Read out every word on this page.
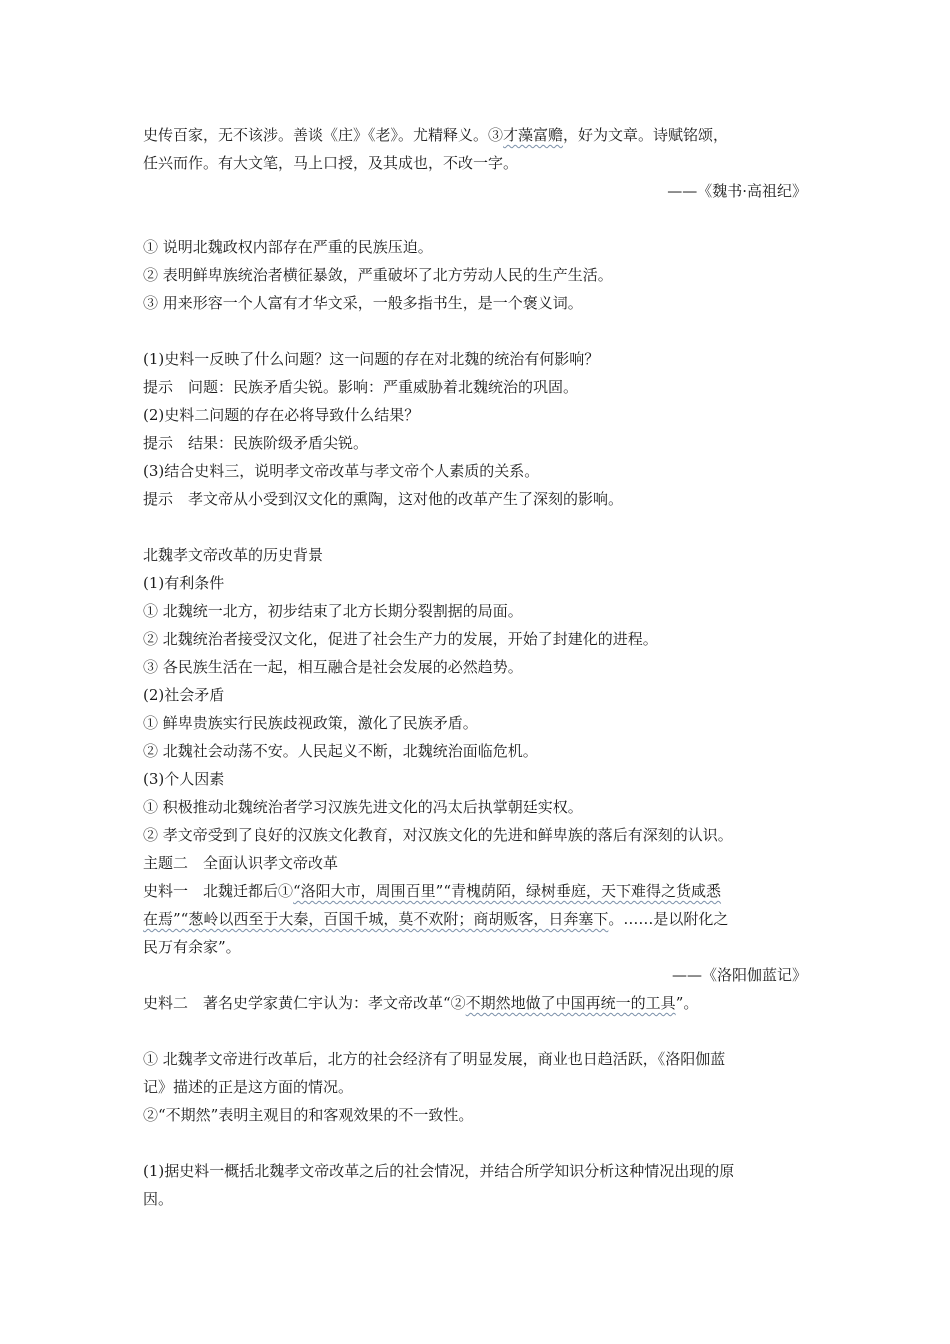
史传百家，无不该涉。善谈《庄》《老》。尤精释义。③才藻富赡，好为文章。诗赋铭颂，
任兴而作。有大文笔，马上口授，及其成也，不改一字。
——《魏书·高祖纪》
① 说明北魏政权内部存在严重的民族压迫。
② 表明鲜卑族统治者横征暴敛，严重破坏了北方劳动人民的生产生活。
③ 用来形容一个人富有才华文采，一般多指书生，是一个褒义词。
(1)史料一反映了什么问题？这一问题的存在对北魏的统治有何影响？
提示　问题：民族矛盾尖锐。影响：严重威胁着北魏统治的巩固。
(2)史料二问题的存在必将导致什么结果？
提示　结果：民族阶级矛盾尖锐。
(3)结合史料三，说明孝文帝改革与孝文帝个人素质的关系。
提示　孝文帝从小受到汉文化的熏陶，这对他的改革产生了深刻的影响。
北魏孝文帝改革的历史背景
(1)有利条件
① 北魏统一北方，初步结束了北方长期分裂割据的局面。
② 北魏统治者接受汉文化，促进了社会生产力的发展，开始了封建化的进程。
③ 各民族生活在一起，相互融合是社会发展的必然趋势。
(2)社会矛盾
① 鲜卑贵族实行民族歧视政策，激化了民族矛盾。
② 北魏社会动荡不安。人民起义不断，北魏统治面临危机。
(3)个人因素
① 积极推动北魏统治者学习汉族先进文化的冯太后执掌朝廷实权。
② 孝文帝受到了良好的汉族文化教育，对汉族文化的先进和鲜卑族的落后有深刻的认识。
主题二　全面认识孝文帝改革
史料一　北魏迁都后①“洛阳大市，周围百里”“青槐荫陌，绿树垂庭，天下难得之货咸悉
在焉”“葱岭以西至于大秦，百国千城，莫不欢附；商胡贩客，日奔塞下。……是以附化之
民万有余家”。
——《洛阳伽蓝记》
史料二　著名史学家黄仁宇认为：孝文帝改革“②不期然地做了中国再统一的工具”。
① 北魏孝文帝进行改革后，北方的社会经济有了明显发展，商业也日趋活跃，《洛阳伽蓝
记》描述的正是这方面的情况。
②“不期然”表明主观目的和客观效果的不一致性。
(1)据史料一概括北魏孝文帝改革之后的社会情况，并结合所学知识分析这种情况出现的原
因。
